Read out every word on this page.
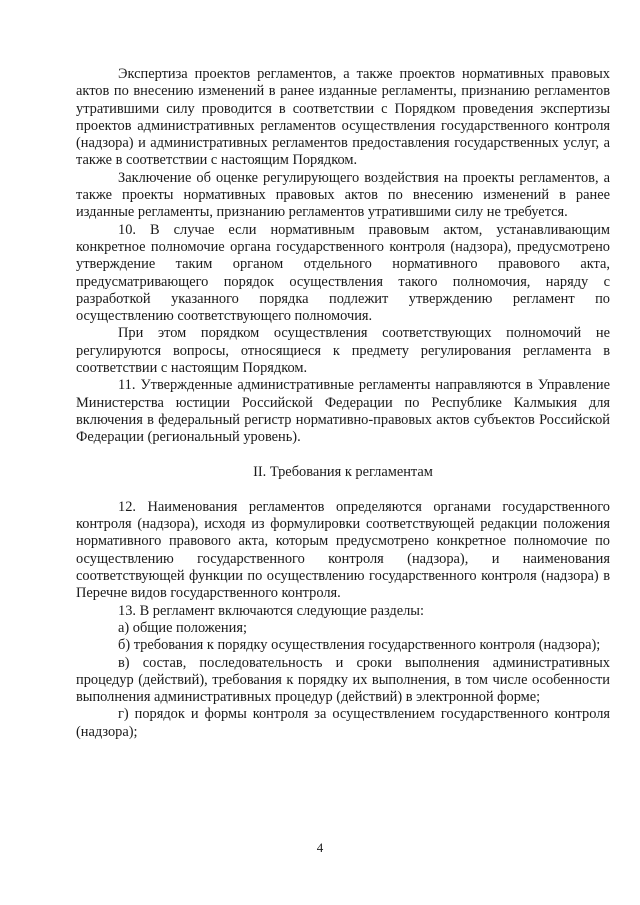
Экспертиза проектов регламентов, а также проектов нормативных правовых актов по внесению изменений в ранее изданные регламенты, признанию регламентов утратившими силу проводится в соответствии с Порядком проведения экспертизы проектов административных регламентов осуществления государственного контроля (надзора) и административных регламентов предоставления государственных услуг, а также в соответствии с настоящим Порядком.

Заключение об оценке регулирующего воздействия на проекты регламентов, а также проекты нормативных правовых актов по внесению изменений в ранее изданные регламенты, признанию регламентов утратившими силу не требуется.

10. В случае если нормативным правовым актом, устанавливающим конкретное полномочие органа государственного контроля (надзора), предусмотрено утверждение таким органом отдельного нормативного правового акта, предусматривающего порядок осуществления такого полномочия, наряду с разработкой указанного порядка подлежит утверждению регламент по осуществлению соответствующего полномочия.

При этом порядком осуществления соответствующих полномочий не регулируются вопросы, относящиеся к предмету регулирования регламента в соответствии с настоящим Порядком.

11. Утвержденные административные регламенты направляются в Управление Министерства юстиции Российской Федерации по Республике Калмыкия для включения в федеральный регистр нормативно-правовых актов субъектов Российской Федерации (региональный уровень).

II. Требования к регламентам

12. Наименования регламентов определяются органами государственного контроля (надзора), исходя из формулировки соответствующей редакции положения нормативного правового акта, которым предусмотрено конкретное полномочие по осуществлению государственного контроля (надзора), и наименования соответствующей функции по осуществлению государственного контроля (надзора) в Перечне видов государственного контроля.

13. В регламент включаются следующие разделы:

а) общие положения;

б) требования к порядку осуществления государственного контроля (надзора);

в) состав, последовательность и сроки выполнения административных процедур (действий), требования к порядку их выполнения, в том числе особенности выполнения административных процедур (действий) в электронной форме;

г) порядок и формы контроля за осуществлением государственного контроля (надзора);

4
